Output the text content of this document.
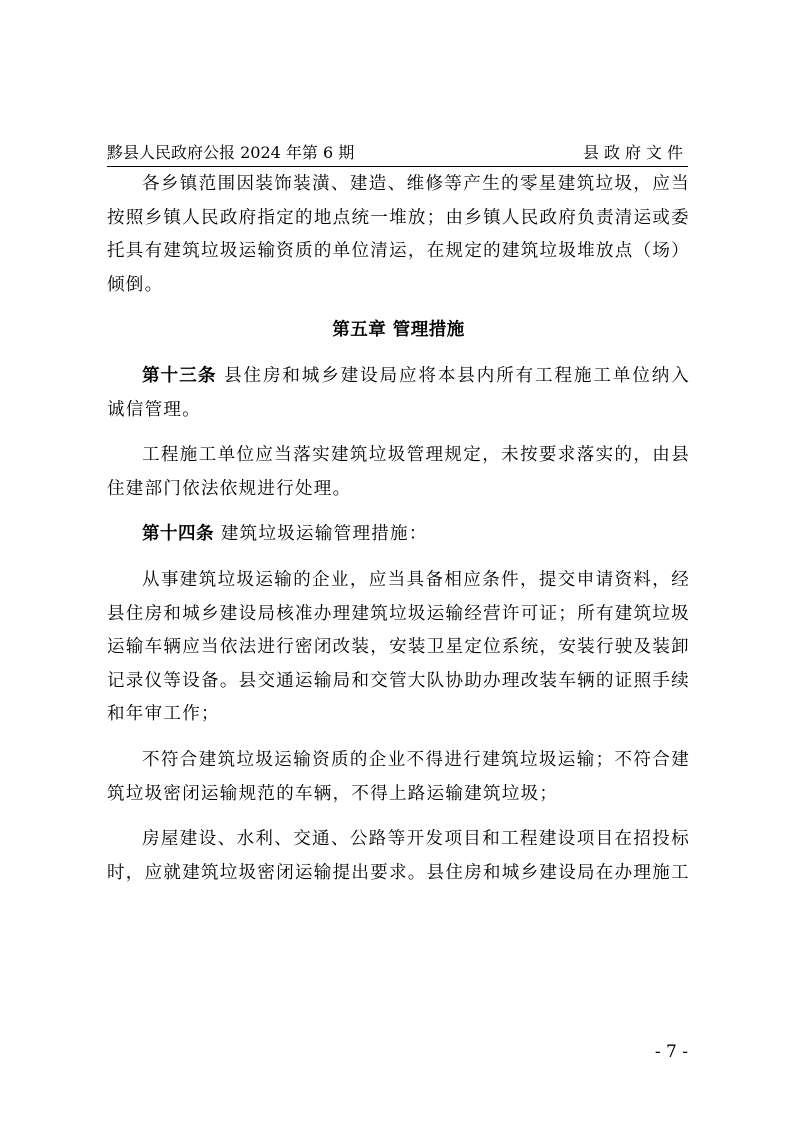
黟县人民政府公报 2024 年第 6 期	县政府文件

各乡镇范围因装饰装潢、建造、维修等产生的零星建筑垃圾，应当按照乡镇人民政府指定的地点统一堆放；由乡镇人民政府负责清运或委托具有建筑垃圾运输资质的单位清运，在规定的建筑垃圾堆放点（场）倾倒。

第五章 管理措施

第十三条 县住房和城乡建设局应将本县内所有工程施工单位纳入诚信管理。

工程施工单位应当落实建筑垃圾管理规定，未按要求落实的，由县住建部门依法依规进行处理。

第十四条 建筑垃圾运输管理措施：

从事建筑垃圾运输的企业，应当具备相应条件，提交申请资料，经县住房和城乡建设局核准办理建筑垃圾运输经营许可证；所有建筑垃圾运输车辆应当依法进行密闭改装，安装卫星定位系统，安装行驶及装卸记录仪等设备。县交通运输局和交管大队协助办理改装车辆的证照手续和年审工作；

不符合建筑垃圾运输资质的企业不得进行建筑垃圾运输；不符合建筑垃圾密闭运输规范的车辆，不得上路运输建筑垃圾；

房屋建设、水利、交通、公路等开发项目和工程建设项目在招投标时，应就建筑垃圾密闭运输提出要求。县住房和城乡建设局在办理施工

- 7 -
